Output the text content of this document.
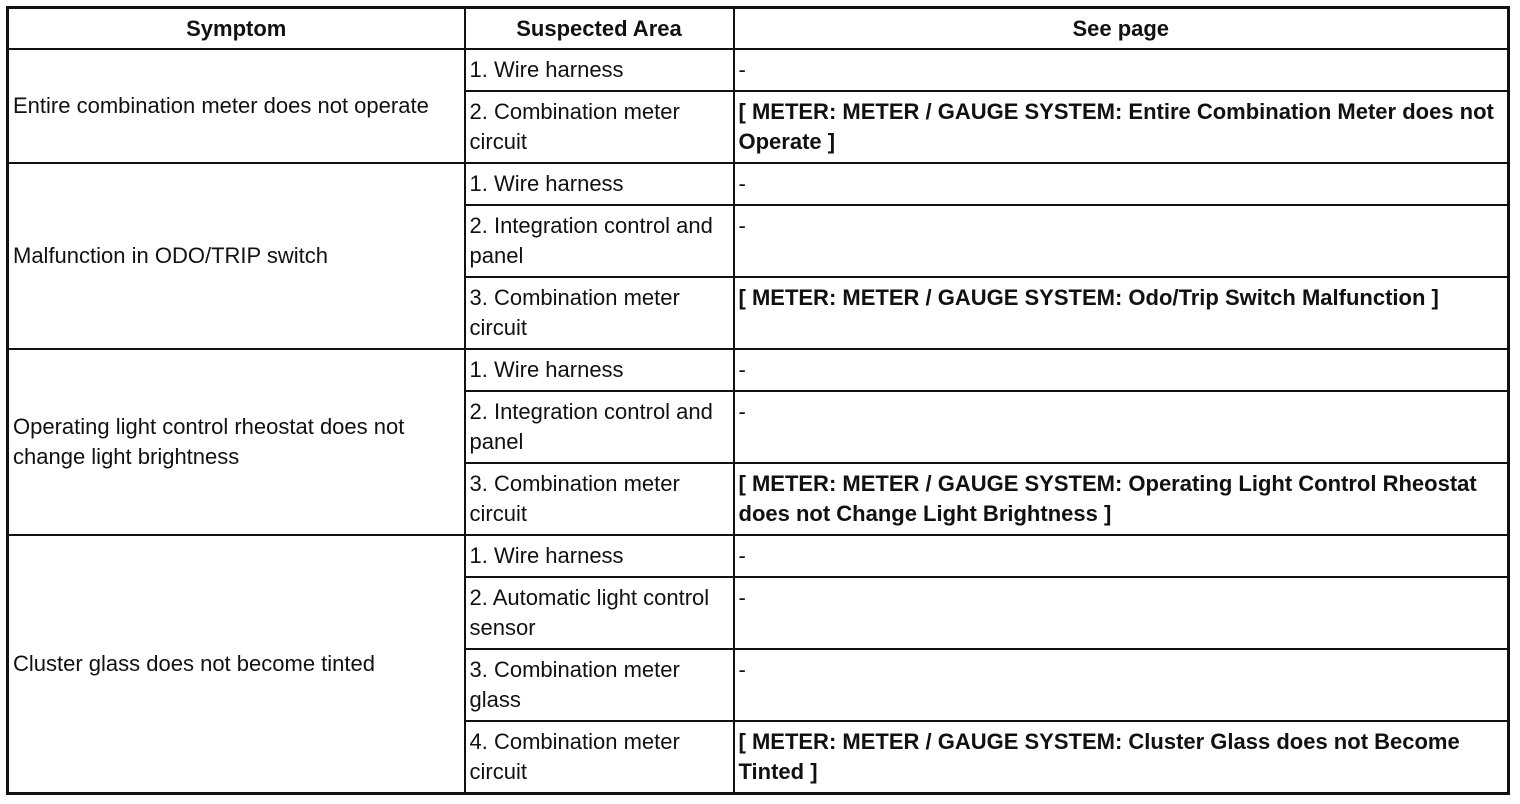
Symptom	Suspected Area	See page
Entire combination meter does not operate	1. Wire harness	-
	2. Combination meter circuit	[ METER: METER / GAUGE SYSTEM: Entire Combination Meter does not Operate ]
Malfunction in ODO/TRIP switch	1. Wire harness	-
	2. Integration control and panel	-
	3. Combination meter circuit	[ METER: METER / GAUGE SYSTEM: Odo/Trip Switch Malfunction ]
Operating light control rheostat does not change light brightness	1. Wire harness	-
	2. Integration control and panel	-
	3. Combination meter circuit	[ METER: METER / GAUGE SYSTEM: Operating Light Control Rheostat does not Change Light Brightness ]
Cluster glass does not become tinted	1. Wire harness	-
	2. Automatic light control sensor	-
	3. Combination meter glass	-
	4. Combination meter circuit	[ METER: METER / GAUGE SYSTEM: Cluster Glass does not Become Tinted ]
